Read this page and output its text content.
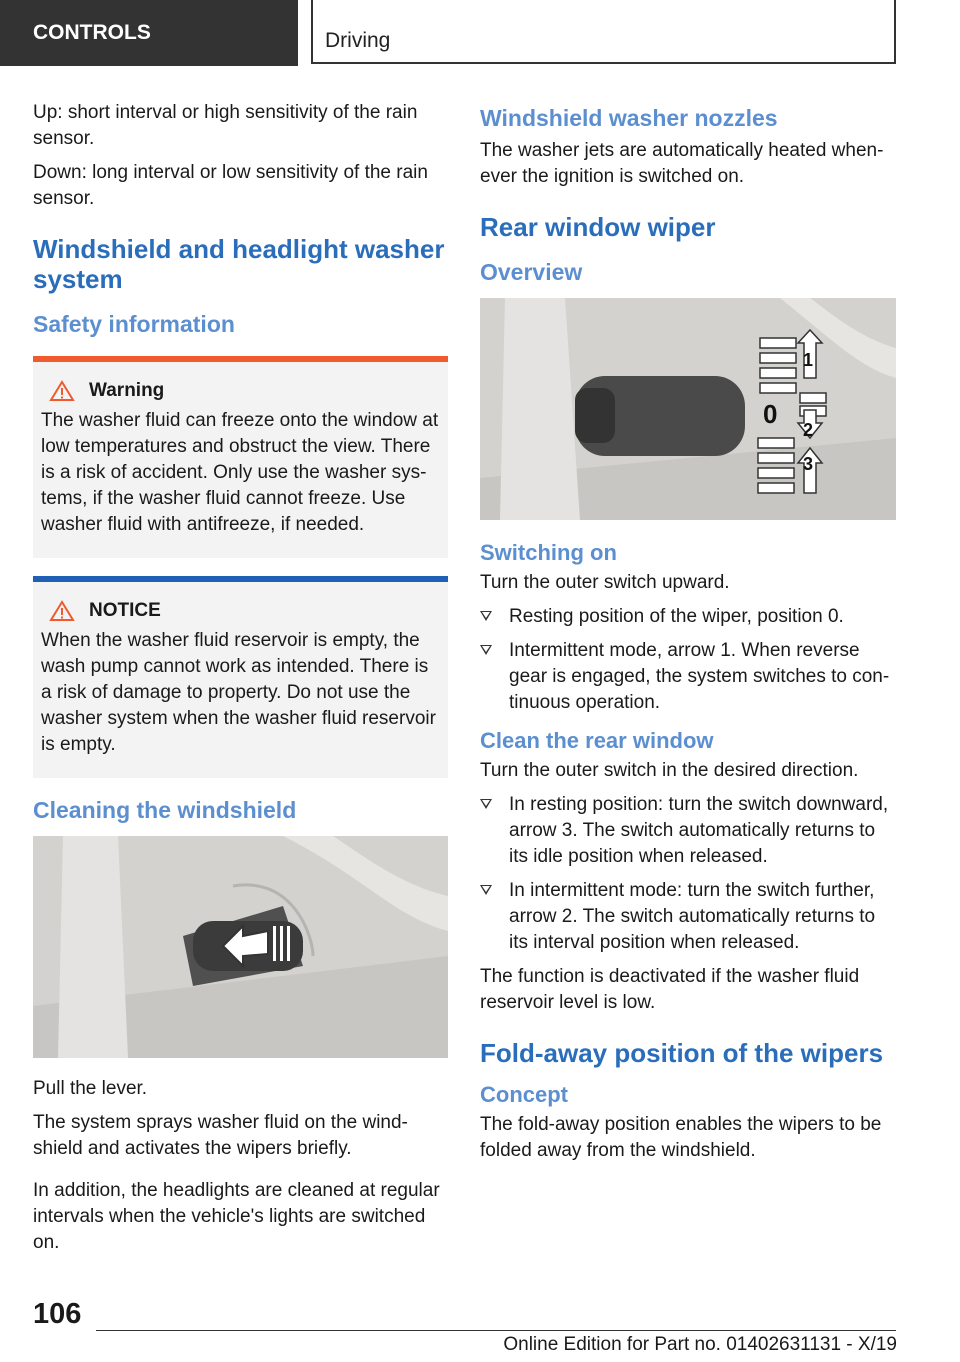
CONTROLS	Driving

Up: short interval or high sensitivity of the rain sensor.

Down: long interval or low sensitivity of the rain sensor.

Windshield and headlight washer system
Safety information
Warning

The washer fluid can freeze onto the window at low temperatures and obstruct the view. There is a risk of accident. Only use the washer sys‐tems, if the washer fluid cannot freeze. Use washer fluid with antifreeze, if needed.

NOTICE

When the washer fluid reservoir is empty, the wash pump cannot work as intended. There is a risk of damage to property. Do not use the washer system when the washer fluid reservoir is empty.

Cleaning the windshield

Pull the lever.

The system sprays washer fluid on the wind‐shield and activates the wipers briefly.

In addition, the headlights are cleaned at regular intervals when the vehicle's lights are switched on.

Windshield washer nozzles

The washer jets are automatically heated when‐ever the ignition is switched on.

Rear window wiper
Overview
1
0
2
3
Switching on

Turn the outer switch upward.

Resting position of the wiper, position 0.
Intermittent mode, arrow 1. When reverse gear is engaged, the system switches to con‐tinuous operation.
Clean the rear window

Turn the outer switch in the desired direction.

In resting position: turn the switch downward, arrow 3. The switch automatically returns to its idle position when released.
In intermittent mode: turn the switch further, arrow 2. The switch automatically returns to its interval position when released.

The function is deactivated if the washer fluid reservoir level is low.

Fold-away position of the wipers
Concept

The fold-away position enables the wipers to be folded away from the windshield.

106
Online Edition for Part no. 01402631131 - X/19
